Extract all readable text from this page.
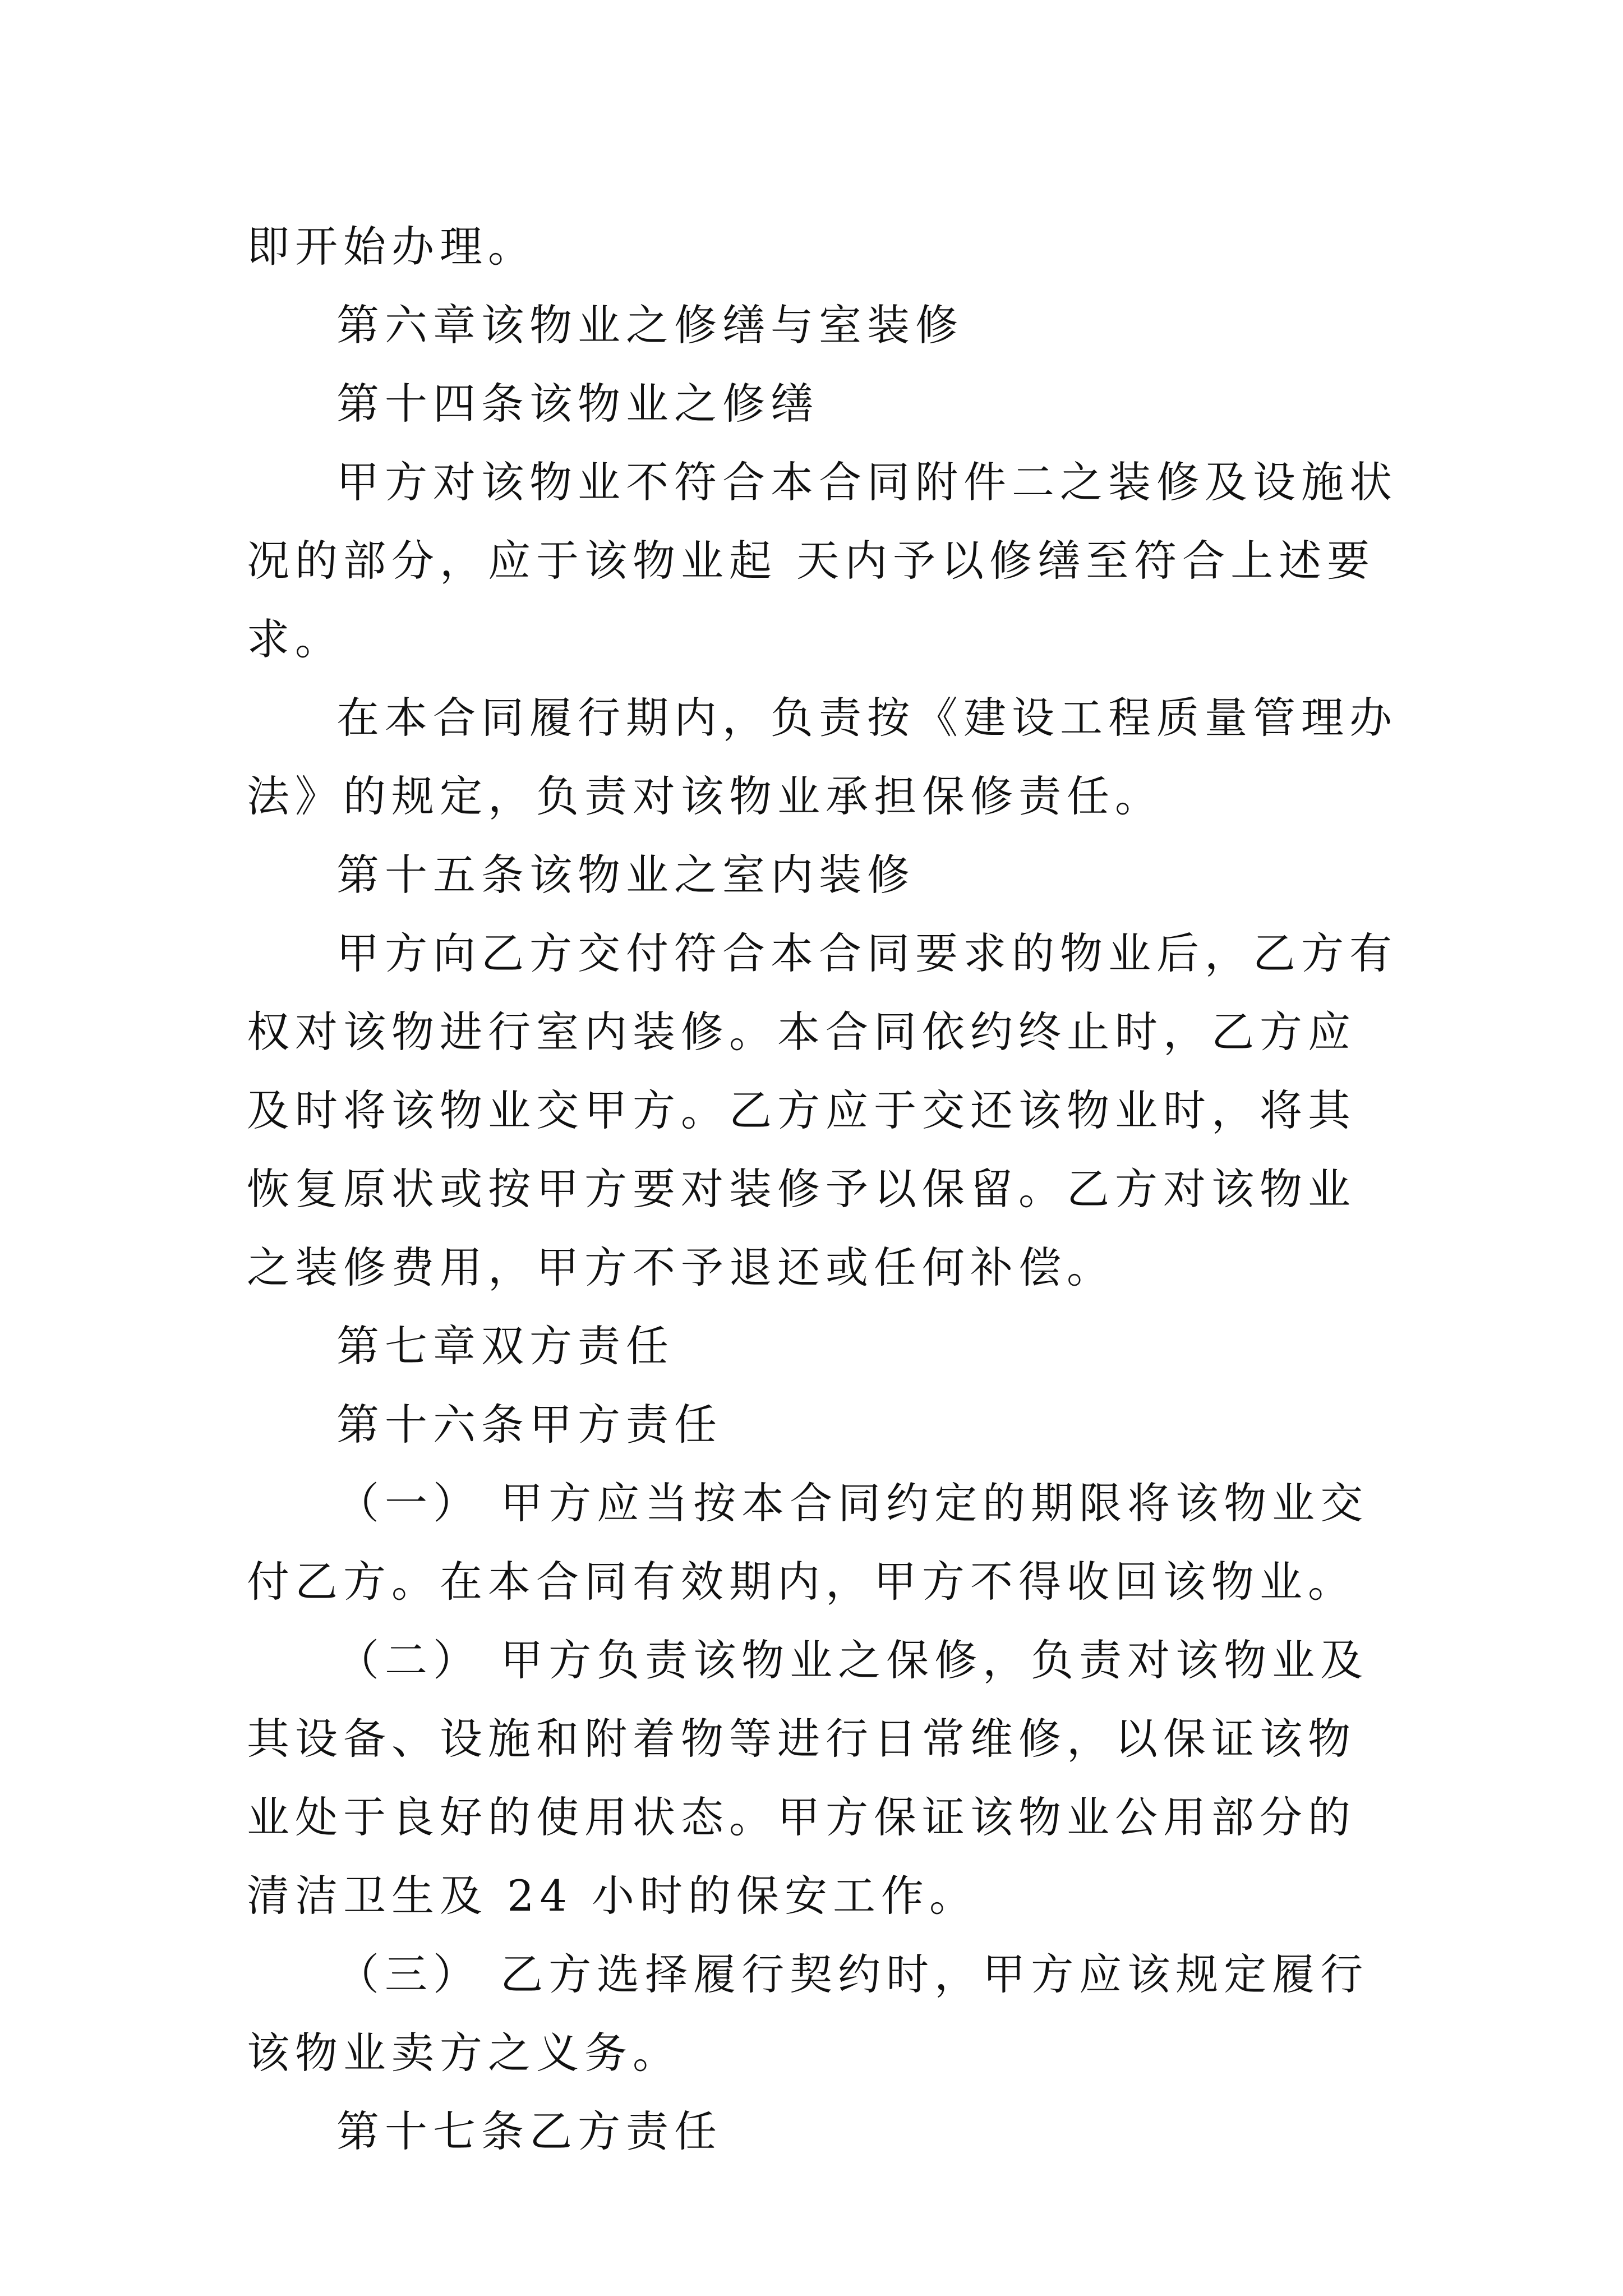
即开始办理。

第六章该物业之修缮与室装修

第十四条该物业之修缮

甲方对该物业不符合本合同附件二之装修及设施状况的部分，应于该物业起 天内予以修缮至符合上述要求。

在本合同履行期内，负责按《建设工程质量管理办法》的规定，负责对该物业承担保修责任。

第十五条该物业之室内装修

甲方向乙方交付符合本合同要求的物业后，乙方有权对该物进行室内装修。本合同依约终止时，乙方应及时将该物业交甲方。乙方应于交还该物业时，将其恢复原状或按甲方要对装修予以保留。乙方对该物业之装修费用，甲方不予退还或任何补偿。

第七章双方责任

第十六条甲方责任

（一） 甲方应当按本合同约定的期限将该物业交付乙方。在本合同有效期内，甲方不得收回该物业。

（二） 甲方负责该物业之保修，负责对该物业及其设备、设施和附着物等进行日常维修，以保证该物业处于良好的使用状态。甲方保证该物业公用部分的清洁卫生及 24 小时的保安工作。

（三） 乙方选择履行契约时，甲方应该规定履行该物业卖方之义务。

第十七条乙方责任
